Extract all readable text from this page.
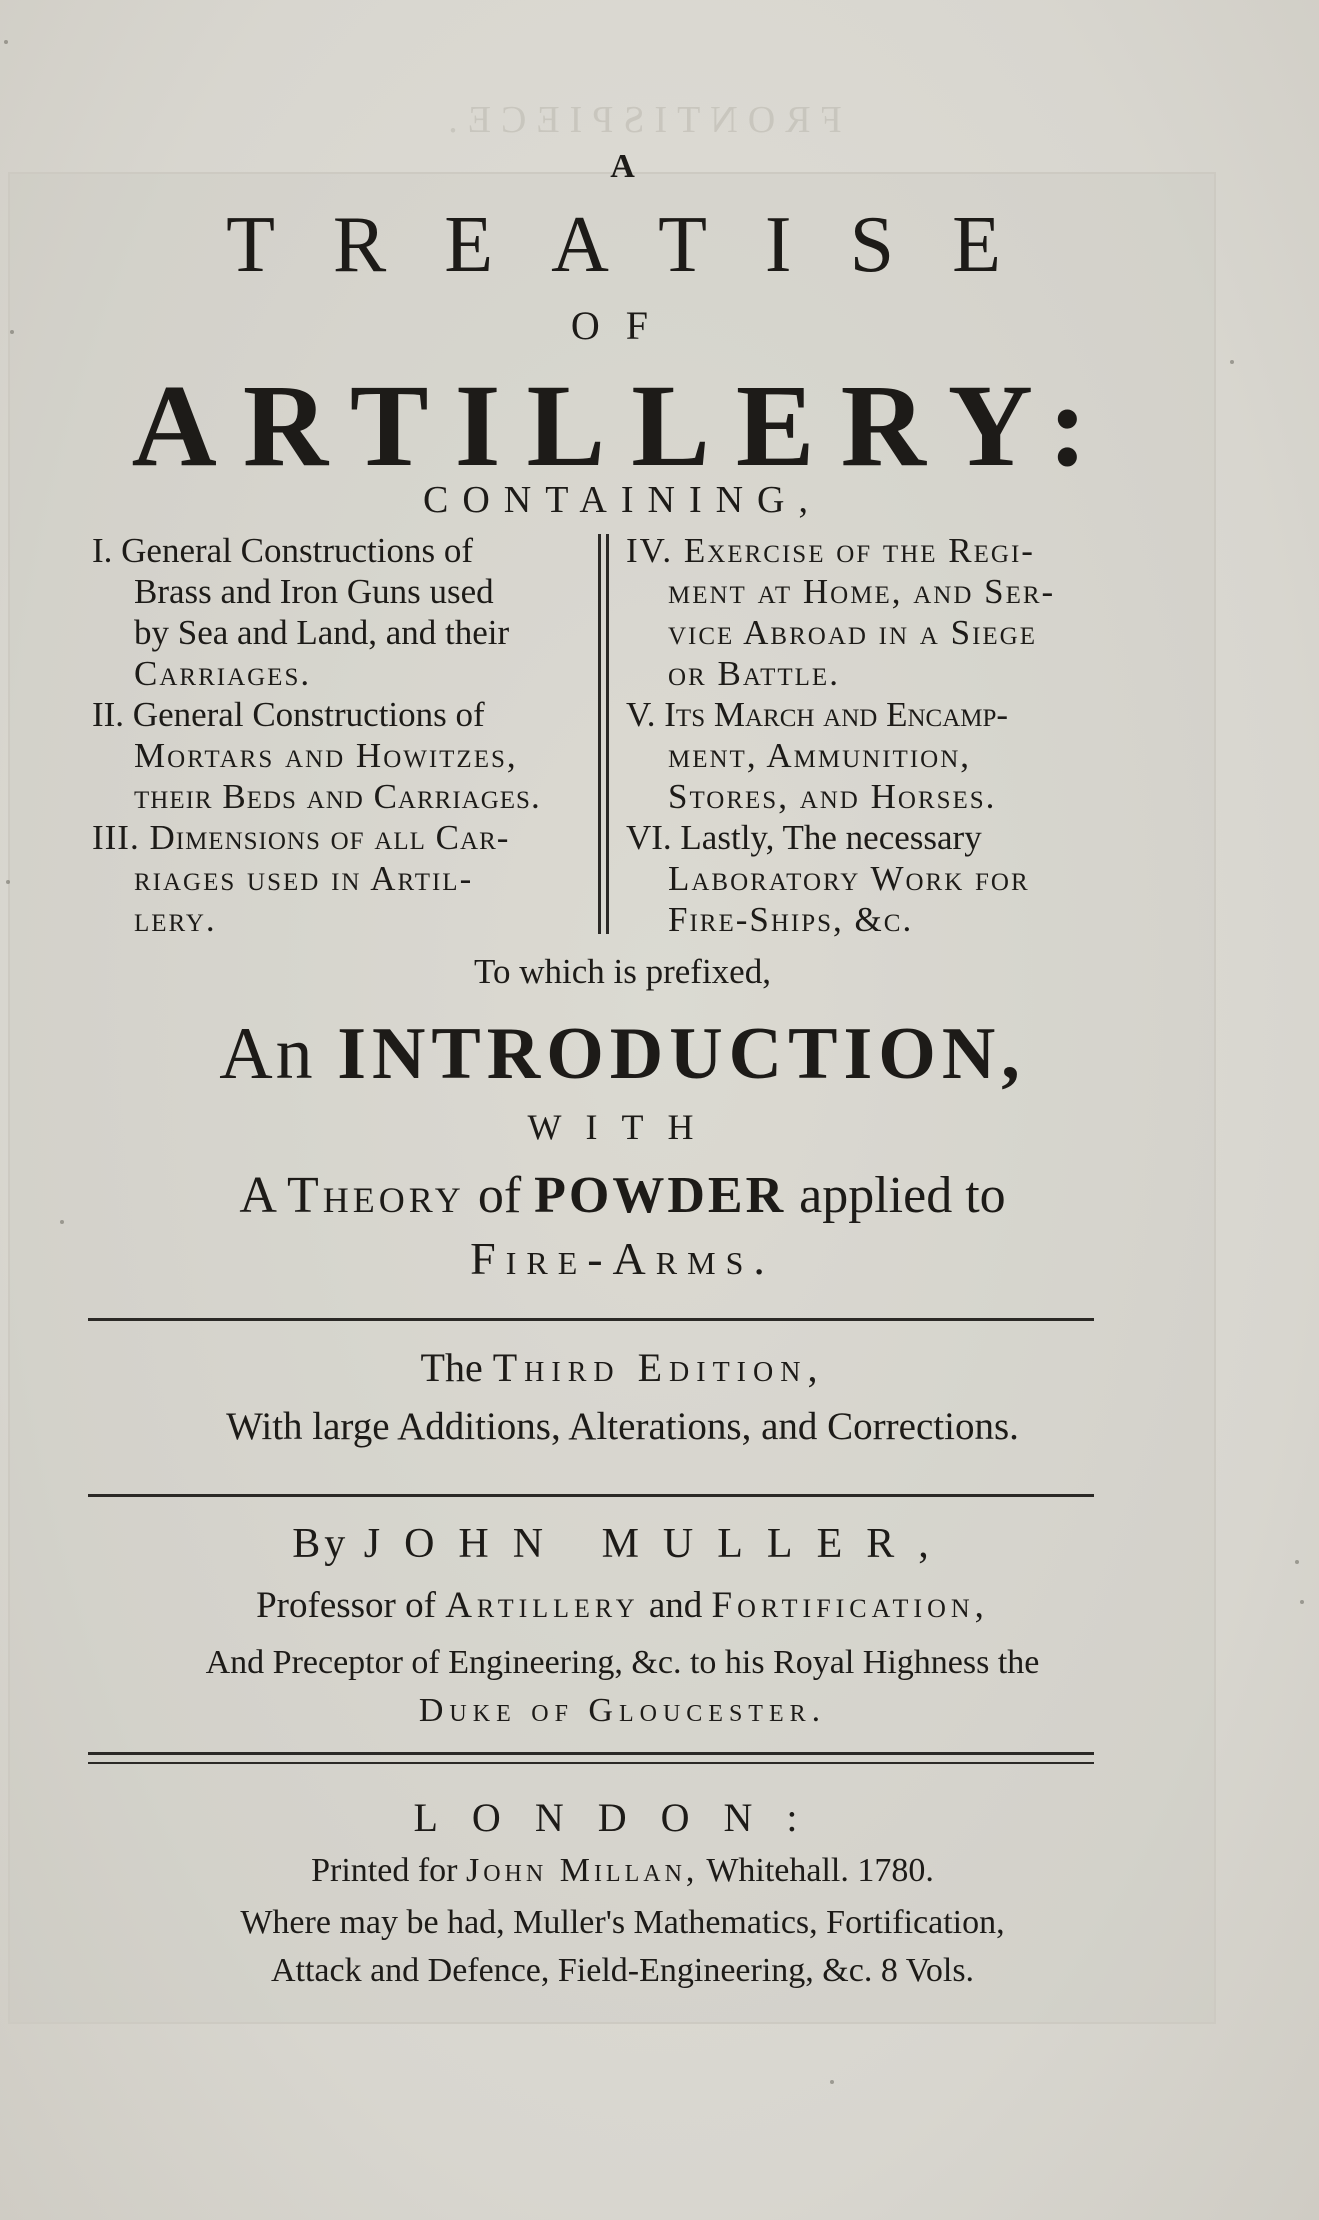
FRONTISPIECE.
A
TREATISE
OF
ARTILLERY:
CONTAINING,
I. General Constructions of
Brass and Iron Guns used
by Sea and Land, and their
Carriages.
II. General Constructions of
Mortars and Howitzes,
their Beds and Carriages.
III. Dimensions of all Car-
riages used in Artil-
lery.
IV. Exercise of the Regi-
ment at Home, and Ser-
vice Abroad in a Siege
or Battle.
V. Its March and Encamp-
ment, Ammunition,
Stores, and Horses.
VI. Lastly, The necessary
Laboratory Work for
Fire-Ships, &c.
To which is prefixed,
An INTRODUCTION,
WITH
A Theory of POWDER applied to
Fire-Arms.
The Third Edition,
With large Additions, Alterations, and Corrections.
By JOHN MULLER,
Professor of Artillery and Fortification,
And Preceptor of Engineering, &c. to his Royal Highness the
Duke of Gloucester.
LONDON:
Printed for John Millan, Whitehall. 1780.
Where may be had, Muller's Mathematics, Fortification,
Attack and Defence, Field-Engineering, &c. 8 Vols.
